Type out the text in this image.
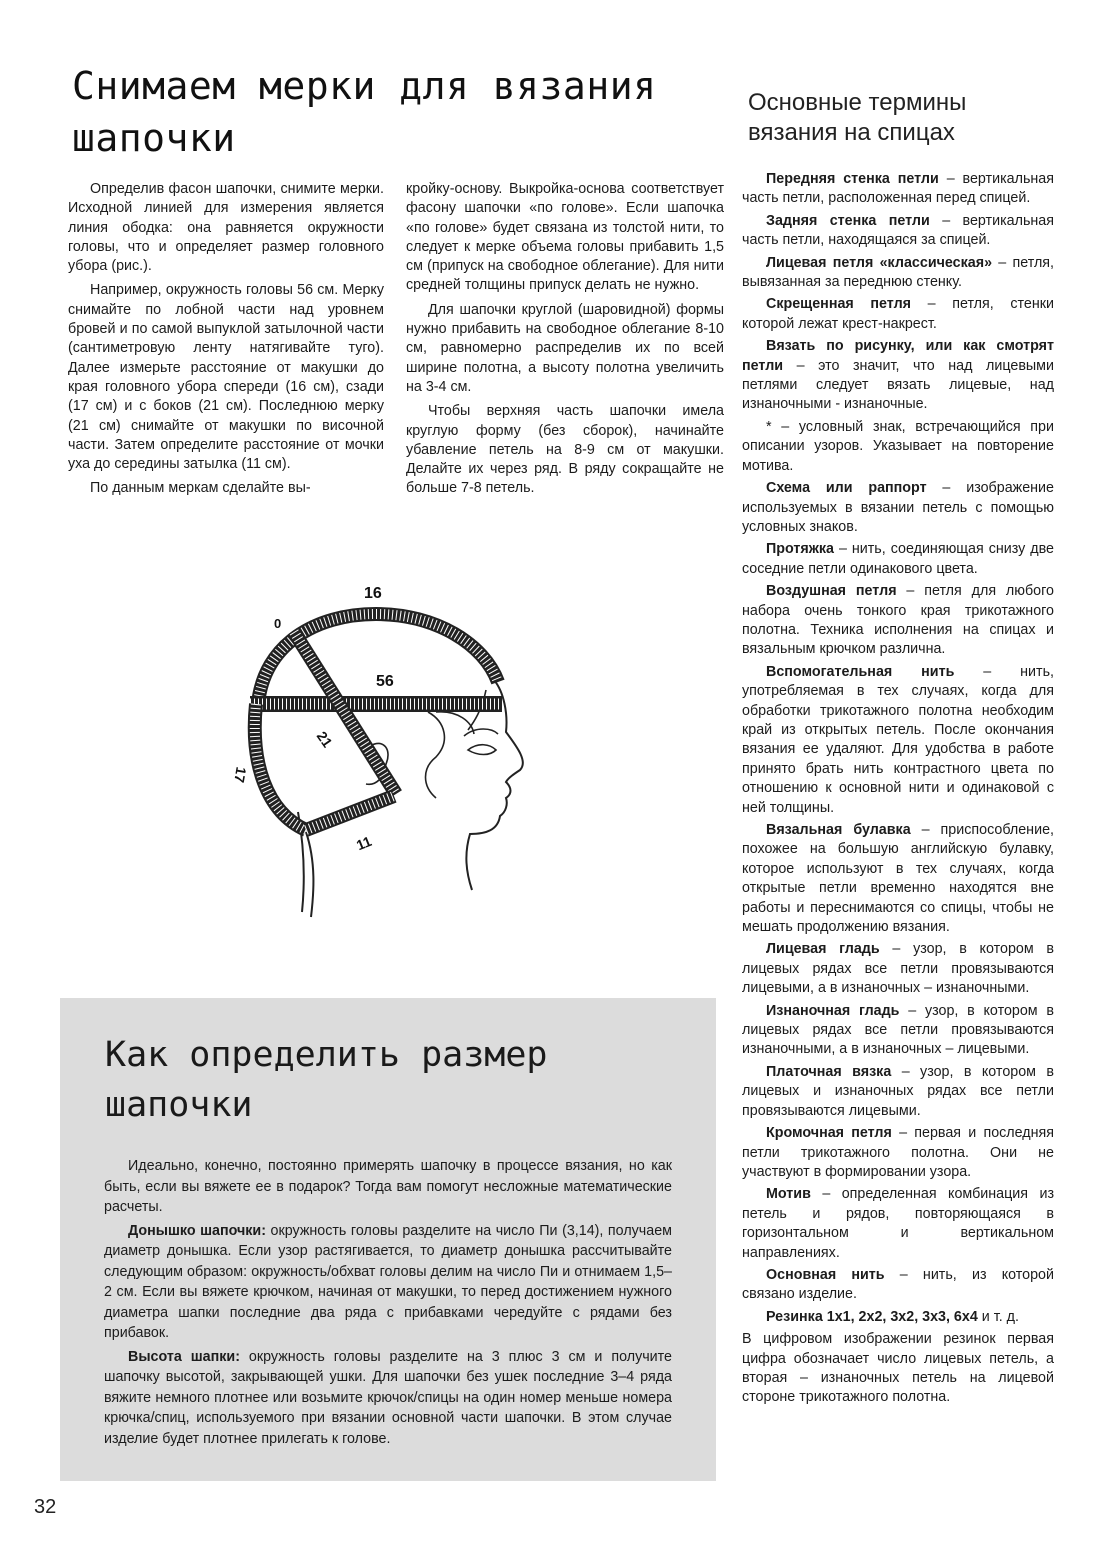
Снимаем мерки для вязания шапочки
Основные термины вязания на спицах

Определив фасон шапочки, снимите мерки. Исходной линией для измерения является линия ободка: она равняется окружности головы, что и определяет размер головного убора (рис.).

Например, окружность головы 56 см. Мерку снимайте по лобной части над уровнем бровей и по самой выпуклой затылочной части (сантиметровую ленту натягивайте туго). Далее измерьте расстояние от макушки до края головного убора спереди (16 см), сзади (17 см) и с боков (21 см). Последнюю мерку (21 см) снимайте от макушки по височной части. Затем определите расстояние от мочки уха до середины затылка (11 см).

По данным меркам сделайте вы-

кройку-основу. Выкройка-основа соответствует фасону шапочки «по голове». Если шапочка «по голове» будет связана из толстой нити, то следует к мерке объема головы прибавить 1,5 см (припуск на свободное облегание). Для нити средней толщины припуск делать не нужно.

Для шапочки круглой (шаровидной) формы нужно прибавить на свободное облегание 8-10 см, равномерно распределив их по всей ширине полотна, а высоту полотна увеличить на 3-4 см.

Чтобы верхняя часть шапочки имела круглую форму (без сборок), начинайте убавление петель на 8-9 см от макушки. Делайте их через ряд. В ряду сокращайте не больше 7-8 петель.

16
56
0
21
17
11

Передняя стенка петли – вертикальная часть петли, расположенная перед спицей.

Задняя стенка петли – вертикальная часть петли, находящаяся за спицей.

Лицевая петля «классическая» – петля, вывязанная за переднюю стенку.

Скрещенная петля – петля, стенки которой лежат крест-накрест.

Вязать по рисунку, или как смотрят петли – это значит, что над лицевыми петлями следует вязать лицевые, над изнаночными - изнаночные.

* – условный знак, встречающийся при описании узоров. Указывает на повторение мотива.

Схема или раппорт – изображение используемых в вязании петель с помощью условных знаков.

Протяжка – нить, соединяющая снизу две соседние петли одинакового цвета.

Воздушная петля – петля для любого набора очень тонкого края трикотажного полотна. Техника исполнения на спицах и вязальным крючком различна.

Вспомогательная нить – нить, употребляемая в тех случаях, когда для обработки трикотажного полотна необходим край из открытых петель. После окончания вязания ее удаляют. Для удобства в работе принято брать нить контрастного цвета по отношению к основной нити и одинаковой с ней толщины.

Вязальная булавка – приспособление, похожее на большую английскую булавку, которое используют в тех случаях, когда открытые петли временно находятся вне работы и переснимаются со спицы, чтобы не мешать продолжению вязания.

Лицевая гладь – узор, в котором в лицевых рядах все петли провязываются лицевыми, а в изнаночных – изнаночными.

Изнаночная гладь – узор, в котором в лицевых рядах все петли провязываются изнаночными, а в изнаночных – лицевыми.

Платочная вязка – узор, в котором в лицевых и изнаночных рядах все петли провязываются лицевыми.

Кромочная петля – первая и последняя петли трикотажного полотна. Они не участвуют в формировании узора.

Мотив – определенная комбинация из петель и рядов, повторяющаяся в горизонтальном и вертикальном направлениях.

Основная нить – нить, из которой связано изделие.

Резинка 1х1, 2х2, 3х2, 3х3, 6х4 и т. д.

В цифровом изображении резинок первая цифра обозначает число лицевых петель, а вторая – изнаночных петель на лицевой стороне трикотажного полотна.

Как определить размер шапочки

Идеально, конечно, постоянно примерять шапочку в процессе вязания, но как быть, если вы вяжете ее в подарок? Тогда вам помогут несложные математические расчеты.

Донышко шапочки: окружность головы разделите на число Пи (3,14), получаем диаметр донышка. Если узор растягивается, то диаметр донышка рассчитывайте следующим образом: окружность/обхват головы делим на число Пи и отнимаем 1,5–2 см. Если вы вяжете крючком, начиная от макушки, то перед достижением нужного диаметра шапки последние два ряда с прибавками чередуйте с рядами без прибавок.

Высота шапки: окружность головы разделите на 3 плюс 3 см и получите шапочку высотой, закрывающей ушки. Для шапочки без ушек последние 3–4 ряда вяжите немного плотнее или возьмите крючок/спицы на один номер меньше номера крючка/спиц, используемого при вязании основной части шапочки. В этом случае изделие будет плотнее прилегать к голове.

32
